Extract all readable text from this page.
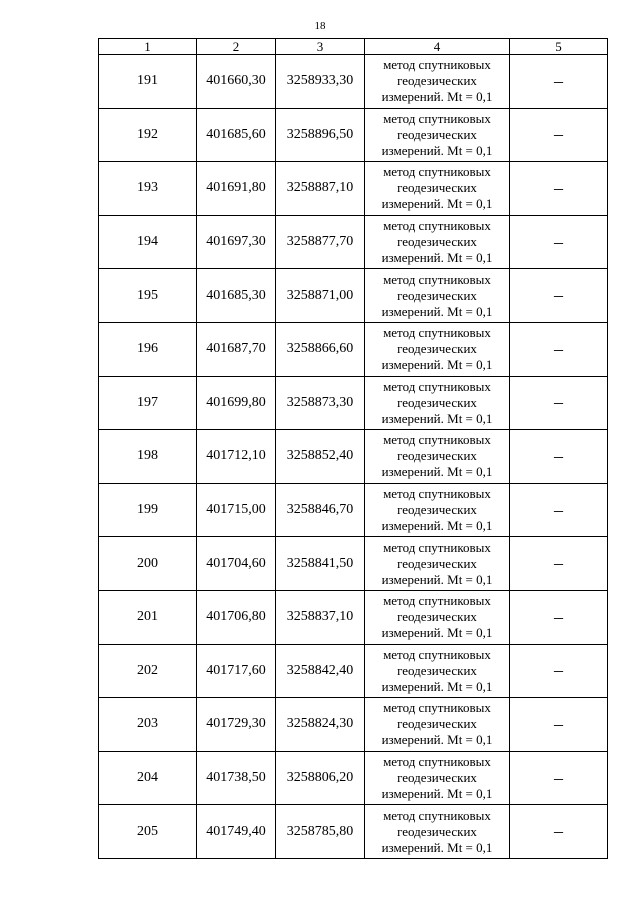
18
1	2	3	4	5
191	401660,30	3258933,30	метод спутниковых геодезических измерений. Mt = 0,1	–
192	401685,60	3258896,50	метод спутниковых геодезических измерений. Mt = 0,1	–
193	401691,80	3258887,10	метод спутниковых геодезических измерений. Mt = 0,1	–
194	401697,30	3258877,70	метод спутниковых геодезических измерений. Mt = 0,1	–
195	401685,30	3258871,00	метод спутниковых геодезических измерений. Mt = 0,1	–
196	401687,70	3258866,60	метод спутниковых геодезических измерений. Mt = 0,1	–
197	401699,80	3258873,30	метод спутниковых геодезических измерений. Mt = 0,1	–
198	401712,10	3258852,40	метод спутниковых геодезических измерений. Mt = 0,1	–
199	401715,00	3258846,70	метод спутниковых геодезических измерений. Mt = 0,1	–
200	401704,60	3258841,50	метод спутниковых геодезических измерений. Mt = 0,1	–
201	401706,80	3258837,10	метод спутниковых геодезических измерений. Mt = 0,1	–
202	401717,60	3258842,40	метод спутниковых геодезических измерений. Mt = 0,1	–
203	401729,30	3258824,30	метод спутниковых геодезических измерений. Mt = 0,1	–
204	401738,50	3258806,20	метод спутниковых геодезических измерений. Mt = 0,1	–
205	401749,40	3258785,80	метод спутниковых геодезических измерений. Mt = 0,1	–
